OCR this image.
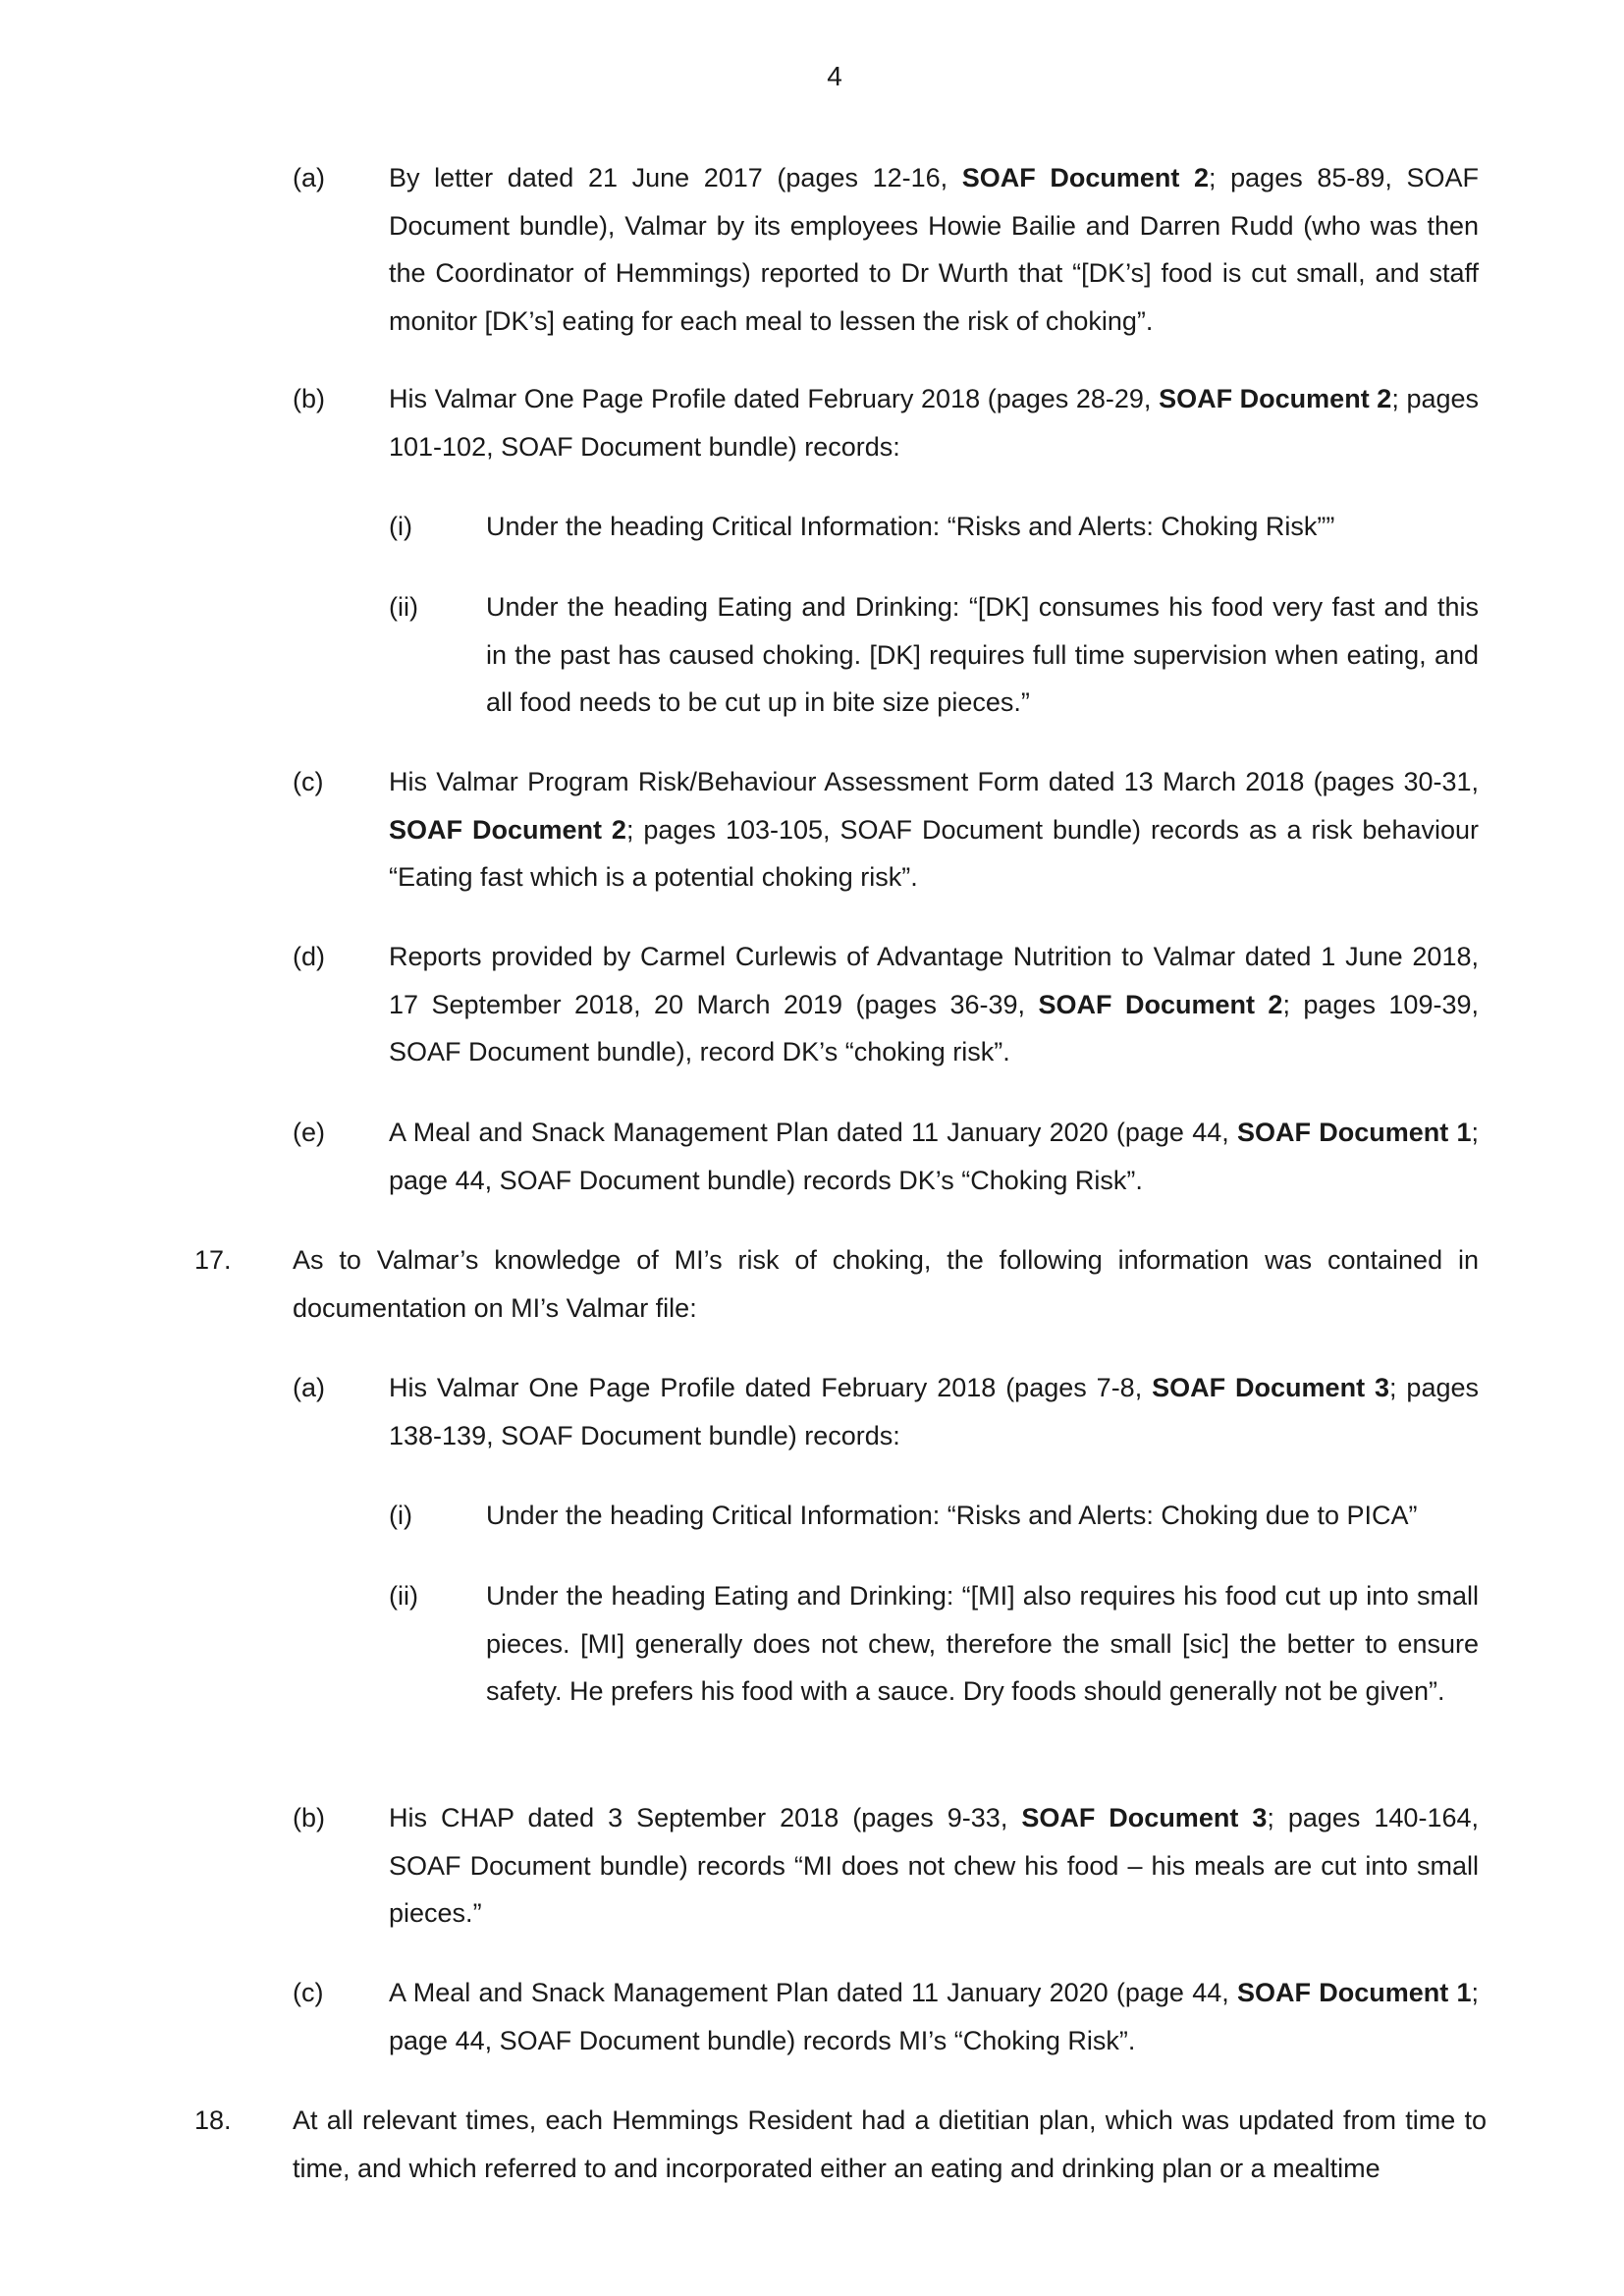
4
(a) By letter dated 21 June 2017 (pages 12-16, SOAF Document 2; pages 85-89, SOAF Document bundle), Valmar by its employees Howie Bailie and Darren Rudd (who was then the Coordinator of Hemmings) reported to Dr Wurth that “[DK’s] food is cut small, and staff monitor [DK’s] eating for each meal to lessen the risk of choking”.
(b) His Valmar One Page Profile dated February 2018 (pages 28-29, SOAF Document 2; pages 101-102, SOAF Document bundle) records:
(i)	Under the heading Critical Information: “Risks and Alerts: Choking Risk””
(ii)	Under the heading Eating and Drinking: “[DK] consumes his food very fast and this in the past has caused choking. [DK] requires full time supervision when eating, and all food needs to be cut up in bite size pieces.”
(c) His Valmar Program Risk/Behaviour Assessment Form dated 13 March 2018 (pages 30-31, SOAF Document 2; pages 103-105, SOAF Document bundle) records as a risk behaviour “Eating fast which is a potential choking risk”.
(d) Reports provided by Carmel Curlewis of Advantage Nutrition to Valmar dated 1 June 2018, 17 September 2018, 20 March 2019 (pages 36-39, SOAF Document 2; pages 109-39, SOAF Document bundle), record DK’s “choking risk”.
(e) A Meal and Snack Management Plan dated 11 January 2020 (page 44, SOAF Document 1; page 44, SOAF Document bundle) records DK’s “Choking Risk”.
17. As to Valmar’s knowledge of MI’s risk of choking, the following information was contained in documentation on MI’s Valmar file:
(a) His Valmar One Page Profile dated February 2018 (pages 7-8, SOAF Document 3; pages 138-139, SOAF Document bundle) records:
(i)	Under the heading Critical Information: “Risks and Alerts: Choking due to PICA”
(ii)	Under the heading Eating and Drinking: “[MI] also requires his food cut up into small pieces. [MI] generally does not chew, therefore the small [sic] the better to ensure safety. He prefers his food with a sauce. Dry foods should generally not be given”.
(b) His CHAP dated 3 September 2018 (pages 9-33, SOAF Document 3; pages 140-164, SOAF Document bundle) records “MI does not chew his food – his meals are cut into small pieces.”
(c) A Meal and Snack Management Plan dated 11 January 2020 (page 44, SOAF Document 1; page 44, SOAF Document bundle) records MI’s “Choking Risk”.
18. At all relevant times, each Hemmings Resident had a dietitian plan, which was updated from time to time, and which referred to and incorporated either an eating and drinking plan or a mealtime
